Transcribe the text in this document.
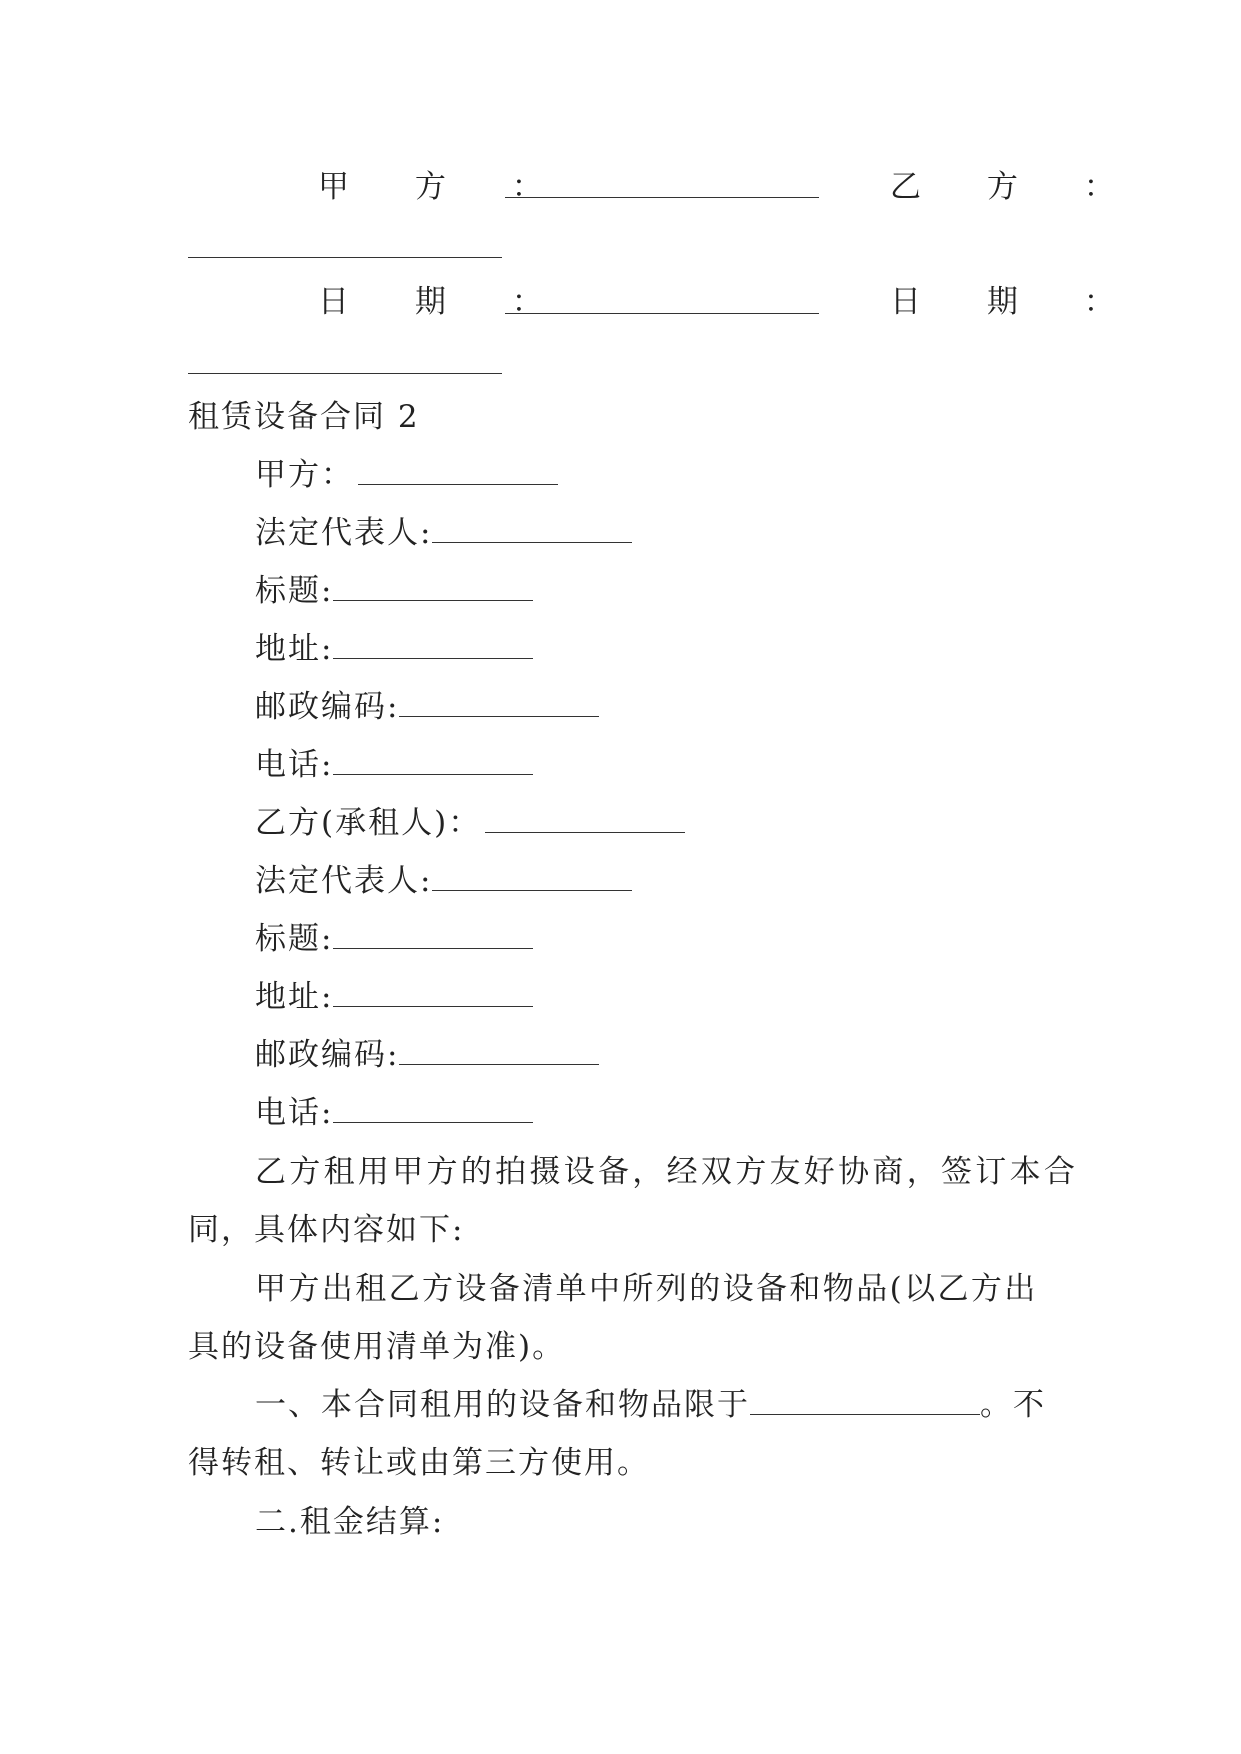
甲 方 ：	乙 方 ：
日 期 ：	日 期 ：
租赁设备合同 2
甲方：
法定代表人:
标题:
地址:
邮政编码:
电话:
乙方(承租人)：
法定代表人:
标题:
地址:
邮政编码:
电话:
乙方租用甲方的拍摄设备，经双方友好协商，签订本合
同，具体内容如下:
甲方出租乙方设备清单中所列的设备和物品(以乙方出
具的设备使用清单为准)。
一、本合同租用的设备和物品限于	。不
得转租、转让或由第三方使用。
二.租金结算:
